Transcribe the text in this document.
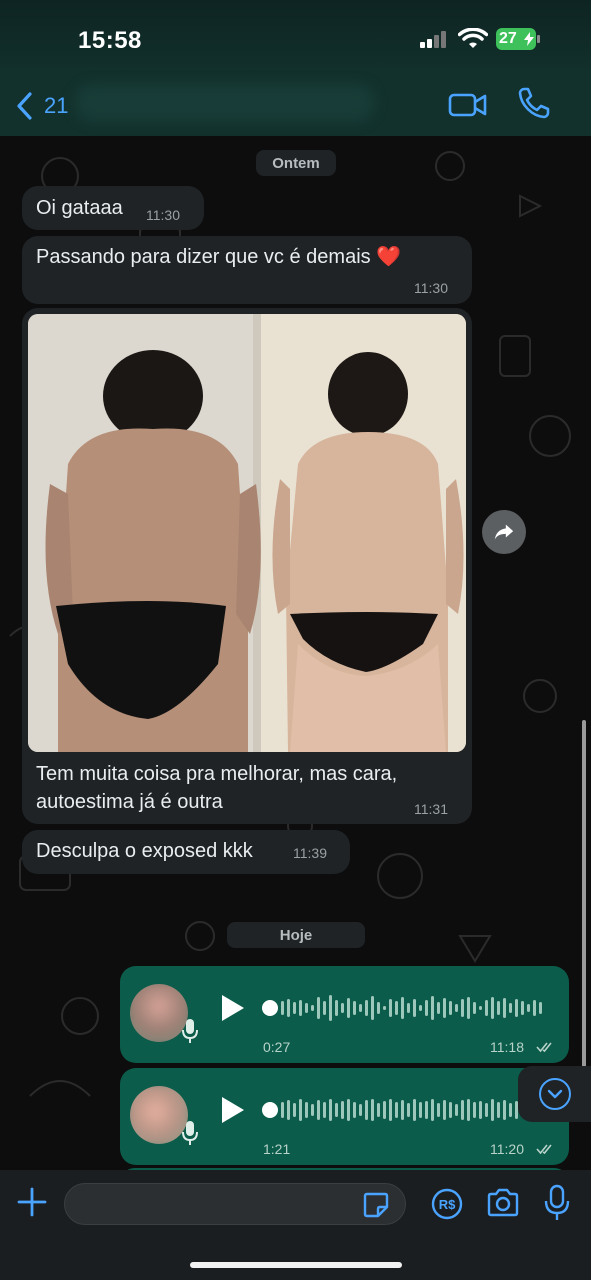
15:58	27
21
Ontem
Oi gataaa 11:30
Passando para dizer que vc é demais ❤️
11:30
Tem muita coisa pra melhorar, mas cara,
autoestima já é outra	11:31
Desculpa o exposed kkk	11:39
Hoje
0:27	11:18
1:21	11:20
R$
